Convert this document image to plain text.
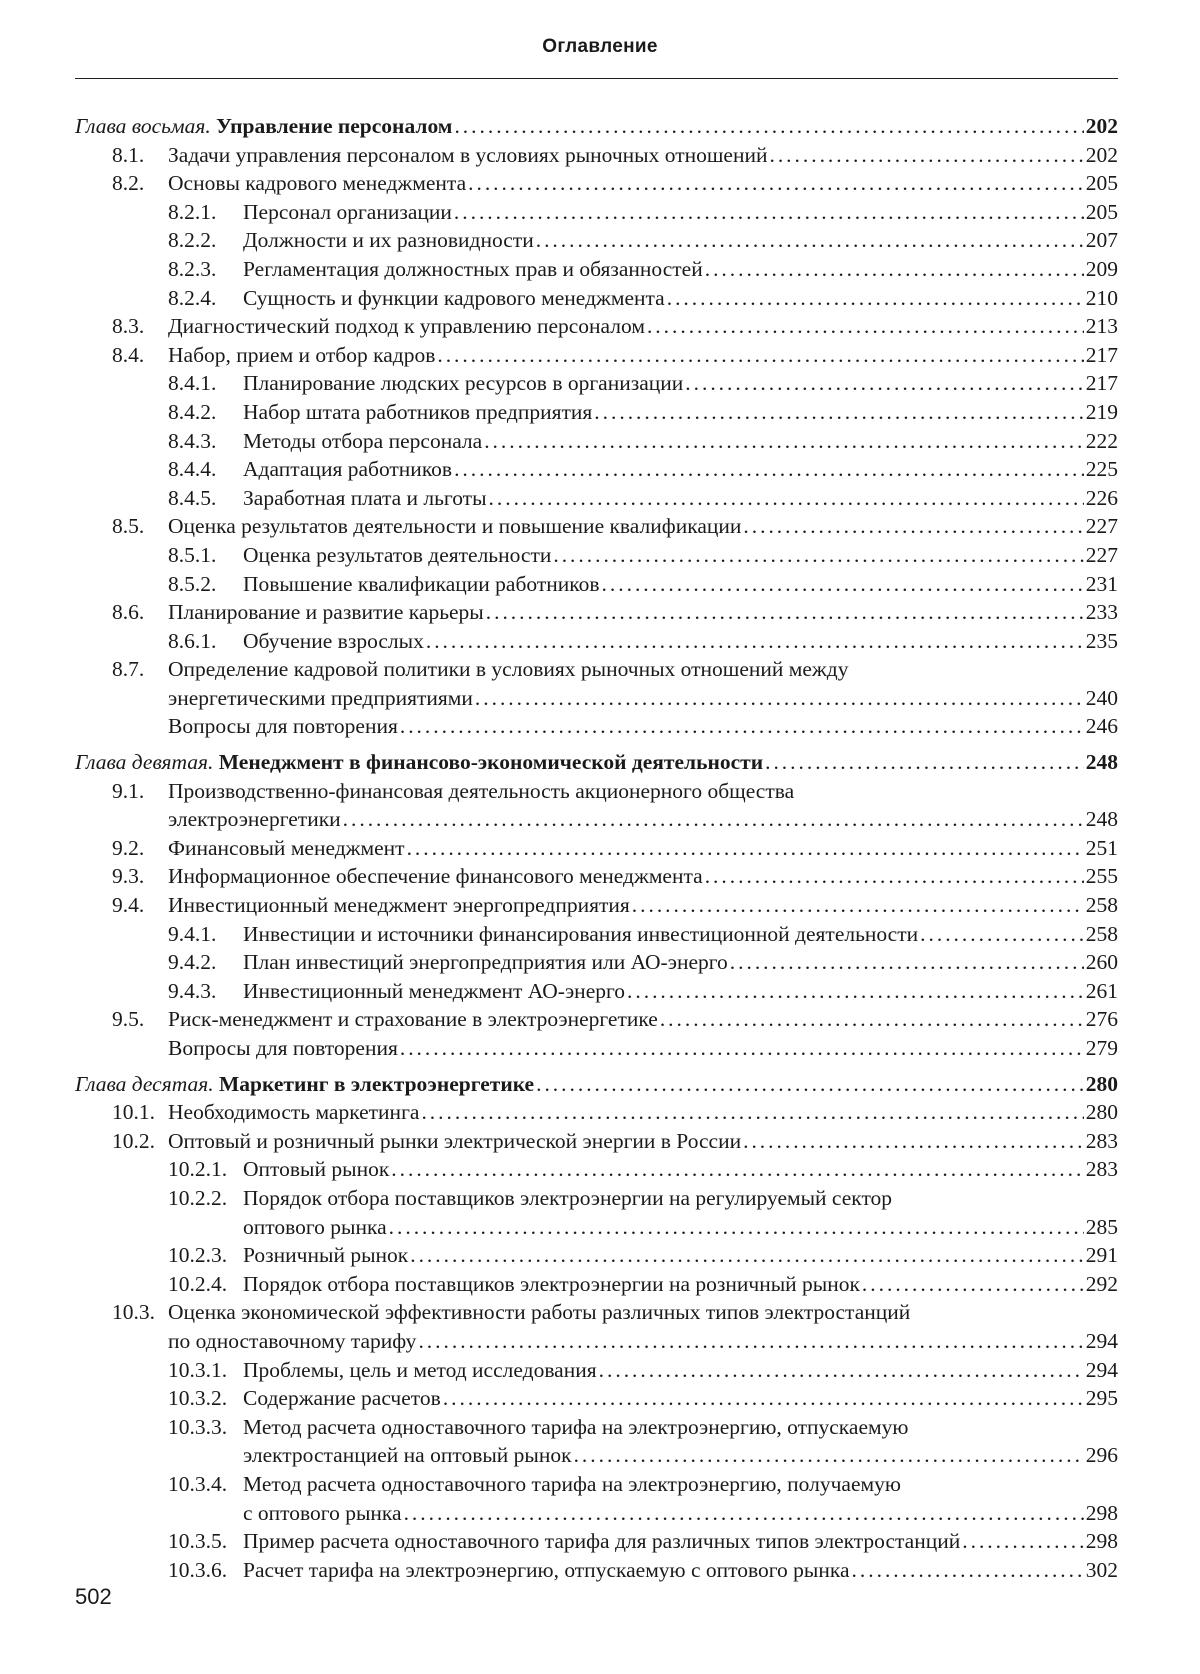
Оглавление
Глава восьмая. Управление персоналом . . .	202
8.1. Задачи управления персоналом в условиях рыночных отношений . . .	202
8.2. Основы кадрового менеджмента . . .	205
8.2.1. Персонал организации . . .	205
8.2.2. Должности и их разновидности . . .	207
8.2.3. Регламентация должностных прав и обязанностей . . .	209
8.2.4. Сущность и функции кадрового менеджмента . . .	210
8.3. Диагностический подход к управлению персоналом . . .	213
8.4. Набор, прием и отбор кадров . . .	217
8.4.1. Планирование людских ресурсов в организации . . .	217
8.4.2. Набор штата работников предприятия . . .	219
8.4.3. Методы отбора персонала . . .	222
8.4.4. Адаптация работников . . .	225
8.4.5. Заработная плата и льготы . . .	226
8.5. Оценка результатов деятельности и повышение квалификации . . .	227
8.5.1. Оценка результатов деятельности . . .	227
8.5.2. Повышение квалификации работников . . .	231
8.6. Планирование и развитие карьеры . . .	233
8.6.1. Обучение взрослых . . .	235
8.7. Определение кадровой политики в условиях рыночных отношений между
энергетическими предприятиями . . .	240
Вопросы для повторения . . .	246
Глава девятая. Менеджмент в финансово-экономической деятельности . . .	248
9.1. Производственно-финансовая деятельность акционерного общества
электроэнергетики . . .	248
9.2. Финансовый менеджмент . . .	251
9.3. Информационное обеспечение финансового менеджмента . . .	255
9.4. Инвестиционный менеджмент энергопредприятия . . .	258
9.4.1. Инвестиции и источники финансирования инвестиционной деятельности . . .	258
9.4.2. План инвестиций энергопредприятия или АО-энерго . . .	260
9.4.3. Инвестиционный менеджмент АО-энерго . . .	261
9.5. Риск-менеджмент и страхование в электроэнергетике . . .	276
Вопросы для повторения . . .	279
Глава десятая. Маркетинг в электроэнергетике . . .	280
10.1. Необходимость маркетинга . . .	280
10.2. Оптовый и розничный рынки электрической энергии в России . . .	283
10.2.1. Оптовый рынок . . .	283
10.2.2. Порядок отбора поставщиков электроэнергии на регулируемый сектор
оптового рынка . . .	285
10.2.3. Розничный рынок . . .	291
10.2.4. Порядок отбора поставщиков электроэнергии на розничный рынок . . .	292
10.3. Оценка экономической эффективности работы различных типов электростанций
по одноставочному тарифу . . .	294
10.3.1. Проблемы, цель и метод исследования . . .	294
10.3.2. Содержание расчетов . . .	295
10.3.3. Метод расчета одноставочного тарифа на электроэнергию, отпускаемую
электростанцией на оптовый рынок . . .	296
10.3.4. Метод расчета одноставочного тарифа на электроэнергию, получаемую
с оптового рынка . . .	298
10.3.5. Пример расчета одноставочного тарифа для различных типов электростанций . . .	298
10.3.6. Расчет тарифа на электроэнергию, отпускаемую с оптового рынка . . .	302
502
